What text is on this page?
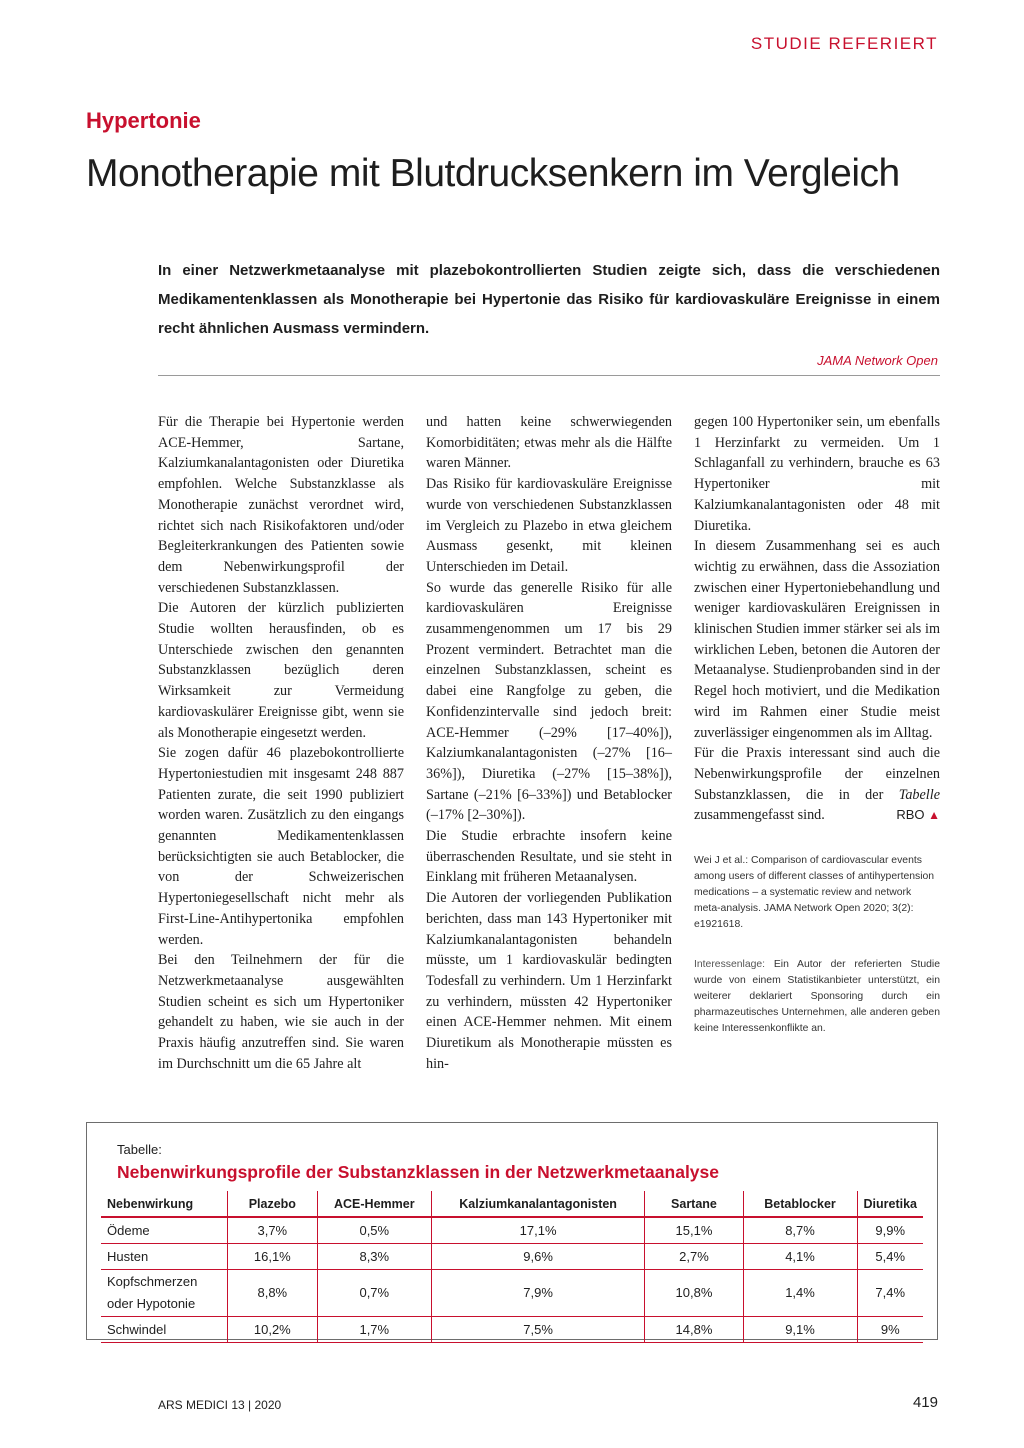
STUDIE REFERIERT
Hypertonie
Monotherapie mit Blutdrucksenkern im Vergleich

In einer Netzwerkmetaanalyse mit plazebokontrollierten Studien zeigte sich, dass die verschiedenen Medikamentenklassen als Monotherapie bei Hypertonie das Risiko für kardiovaskuläre Ereignisse in einem recht ähnlichen Ausmass vermindern.

JAMA Network Open

Für die Therapie bei Hypertonie werden ACE-Hemmer, Sartane, Kalziumkanalantagonisten oder Diuretika empfohlen. Welche Substanzklasse als Monotherapie zunächst verordnet wird, richtet sich nach Risikofaktoren und/oder Begleiterkrankungen des Patienten sowie dem Nebenwirkungsprofil der verschiedenen Substanzklassen.

Die Autoren der kürzlich publizierten Studie wollten herausfinden, ob es Unterschiede zwischen den genannten Substanzklassen bezüglich deren Wirksamkeit zur Vermeidung kardiovaskulärer Ereignisse gibt, wenn sie als Monotherapie eingesetzt werden.

Sie zogen dafür 46 plazebokontrollierte Hypertoniestudien mit insgesamt 248 887 Patienten zurate, die seit 1990 publiziert worden waren. Zusätzlich zu den eingangs genannten Medikamentenklassen berücksichtigten sie auch Betablocker, die von der Schweizerischen Hypertoniegesellschaft nicht mehr als First-Line-Antihypertonika empfohlen werden.

Bei den Teilnehmern der für die Netzwerkmetaanalyse ausgewählten Studien scheint es sich um Hypertoniker gehandelt zu haben, wie sie auch in der Praxis häufig anzutreffen sind. Sie waren im Durchschnitt um die 65 Jahre alt

und hatten keine schwerwiegenden Komorbiditäten; etwas mehr als die Hälfte waren Männer.

Das Risiko für kardiovaskuläre Ereignisse wurde von verschiedenen Substanzklassen im Vergleich zu Plazebo in etwa gleichem Ausmass gesenkt, mit kleinen Unterschieden im Detail.

So wurde das generelle Risiko für alle kardiovaskulären Ereignisse zusammengenommen um 17 bis 29 Prozent vermindert. Betrachtet man die einzelnen Substanzklassen, scheint es dabei eine Rangfolge zu geben, die Konfidenzintervalle sind jedoch breit: ACE-Hemmer (–29% [17–40%]), Kalziumkanalantagonisten (–27% [16–36%]), Diuretika (–27% [15–38%]), Sartane (–21% [6–33%]) und Betablocker (–17% [2–30%]).

Die Studie erbrachte insofern keine überraschenden Resultate, und sie steht in Einklang mit früheren Metaanalysen.

Die Autoren der vorliegenden Publikation berichten, dass man 143 Hypertoniker mit Kalziumkanalantagonisten behandeln müsste, um 1 kardiovaskulär bedingten Todesfall zu verhindern. Um 1 Herzinfarkt zu verhindern, müssten 42 Hypertoniker einen ACE-Hemmer nehmen. Mit einem Diuretikum als Monotherapie müssten es hin-

gegen 100 Hypertoniker sein, um ebenfalls 1 Herzinfarkt zu vermeiden. Um 1 Schlaganfall zu verhindern, brauche es 63 Hypertoniker mit Kalziumkanalantagonisten oder 48 mit Diuretika.

In diesem Zusammenhang sei es auch wichtig zu erwähnen, dass die Assoziation zwischen einer Hypertoniebehandlung und weniger kardiovaskulären Ereignissen in klinischen Studien immer stärker sei als im wirklichen Leben, betonen die Autoren der Metaanalyse. Studienprobanden sind in der Regel hoch motiviert, und die Medikation wird im Rahmen einer Studie meist zuverlässiger eingenommen als im Alltag.

Für die Praxis interessant sind auch die Nebenwirkungsprofile der einzelnen Substanzklassen, die in der Tabelle zusammengefasst sind.	RBO ▲

Wei J et al.: Comparison of cardiovascular events among users of different classes of antihypertension medications – a systematic review and network meta-analysis. JAMA Network Open 2020; 3(2): e1921618.
Interessenlage: Ein Autor der referierten Studie wurde von einem Statistikanbieter unterstützt, ein weiterer deklariert Sponsoring durch ein pharmazeutisches Unternehmen, alle anderen geben keine Interessenkonflikte an.
Tabelle:
Nebenwirkungsprofile der Substanzklassen in der Netzwerkmetaanalyse
Nebenwirkung	Plazebo	ACE-Hemmer	Kalziumkanalantagonisten	Sartane	Betablocker	Diuretika
Ödeme	3,7%	0,5%	17,1%	15,1%	8,7%	9,9%
Husten	16,1%	8,3%	9,6%	2,7%	4,1%	5,4%
Kopfschmerzen oder Hypotonie	8,8%	0,7%	7,9%	10,8%	1,4%	7,4%
Schwindel	10,2%	1,7%	7,5%	14,8%	9,1%	9%
ARS MEDICI 13 | 2020	419
